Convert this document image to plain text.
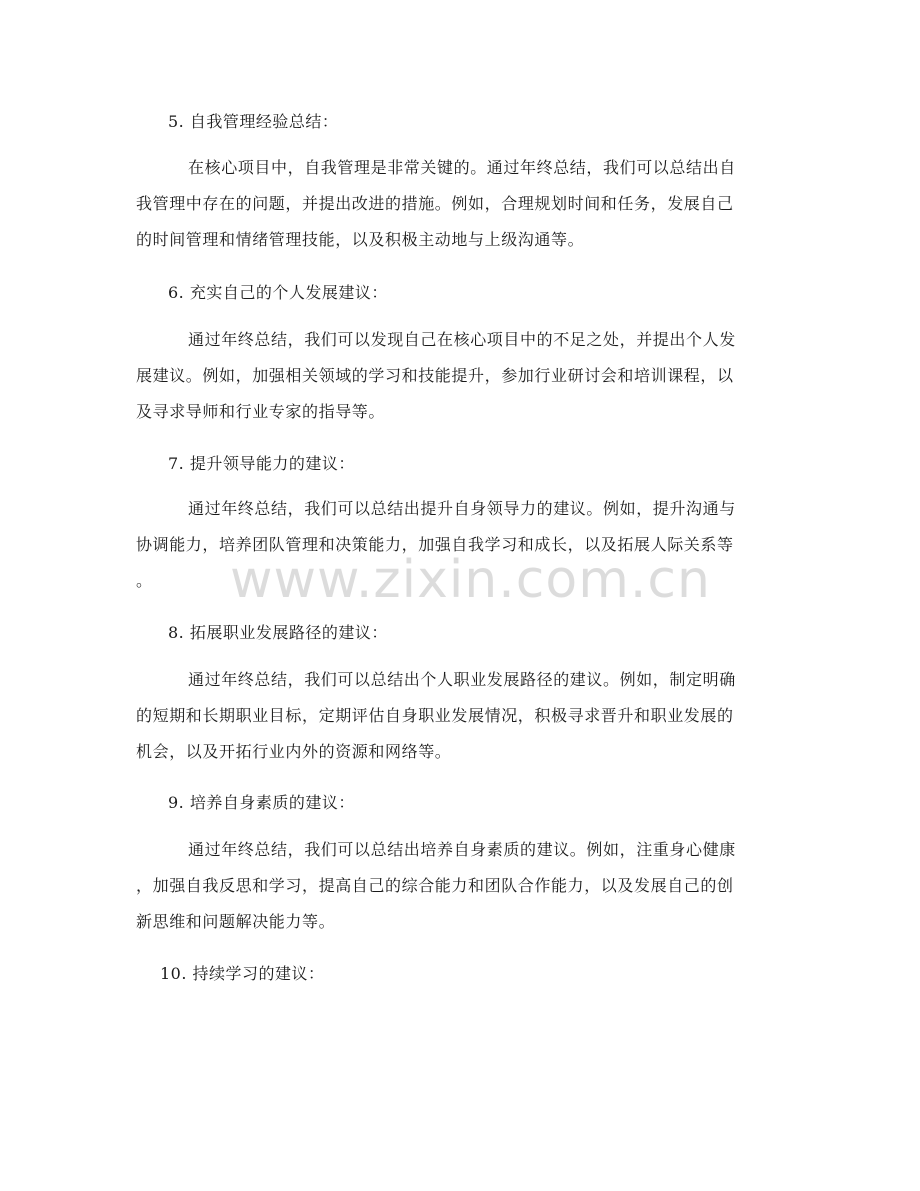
5. 自我管理经验总结：
在核心项目中，自我管理是非常关键的。通过年终总结，我们可以总结出自
我管理中存在的问题，并提出改进的措施。例如，合理规划时间和任务，发展自己
的时间管理和情绪管理技能，以及积极主动地与上级沟通等。
6. 充实自己的个人发展建议：
通过年终总结，我们可以发现自己在核心项目中的不足之处，并提出个人发
展建议。例如，加强相关领域的学习和技能提升，参加行业研讨会和培训课程，以
及寻求导师和行业专家的指导等。
7. 提升领导能力的建议：
通过年终总结，我们可以总结出提升自身领导力的建议。例如，提升沟通与
协调能力，培养团队管理和决策能力，加强自我学习和成长，以及拓展人际关系等
。
8. 拓展职业发展路径的建议：
通过年终总结，我们可以总结出个人职业发展路径的建议。例如，制定明确
的短期和长期职业目标，定期评估自身职业发展情况，积极寻求晋升和职业发展的
机会，以及开拓行业内外的资源和网络等。
9. 培养自身素质的建议：
通过年终总结，我们可以总结出培养自身素质的建议。例如，注重身心健康
，加强自我反思和学习，提高自己的综合能力和团队合作能力，以及发展自己的创
新思维和问题解决能力等。
10. 持续学习的建议：
www.zixin.com.cn
